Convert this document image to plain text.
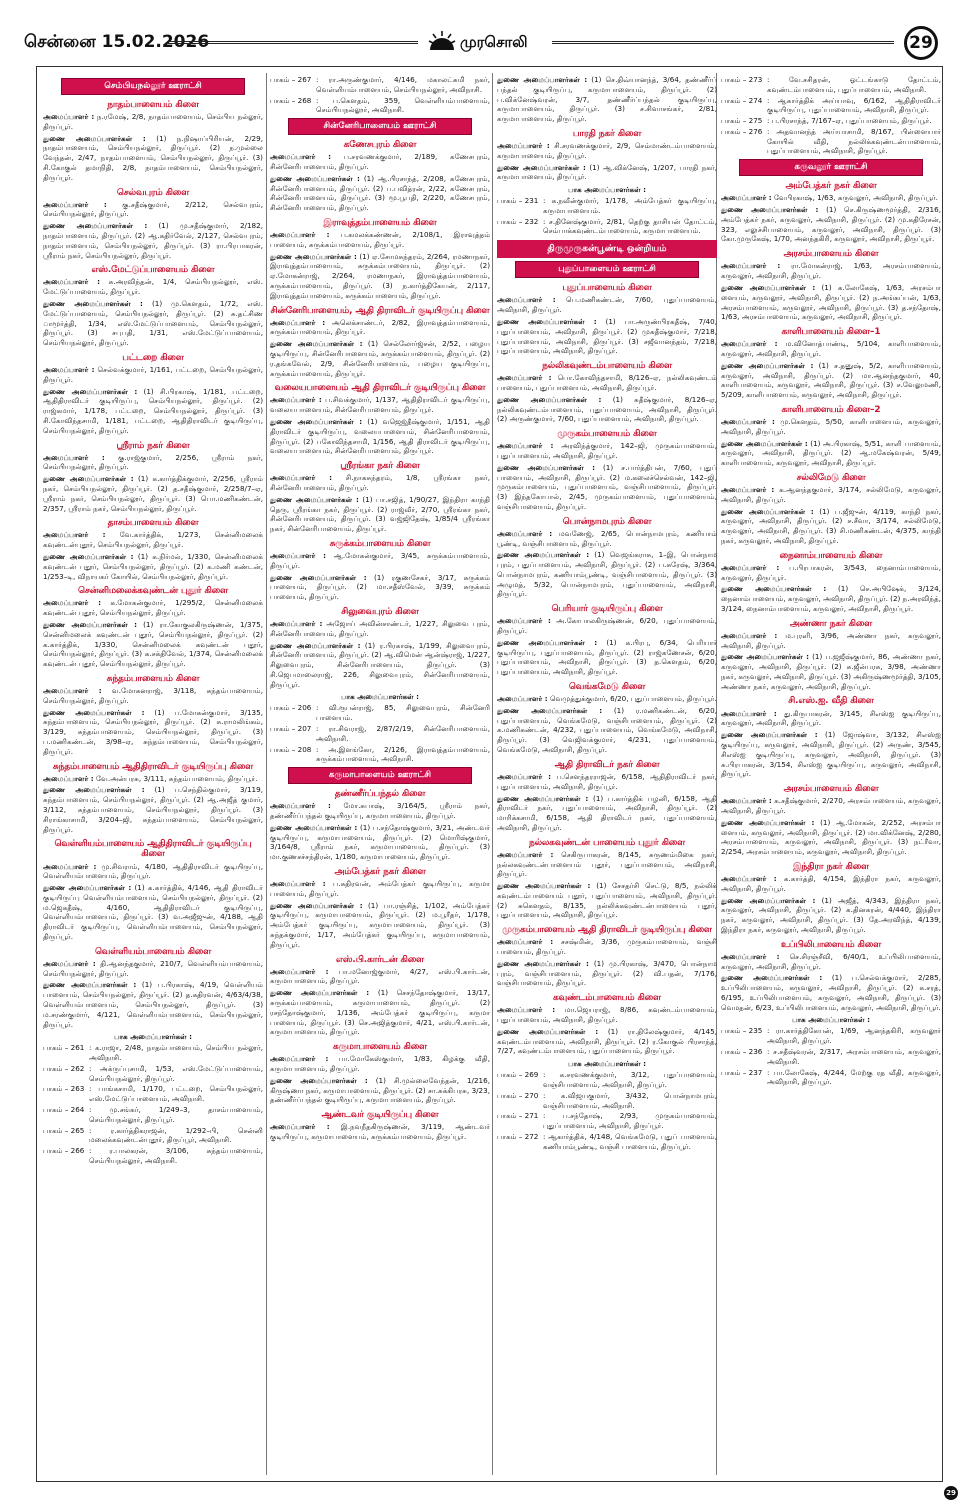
சென்னை 15.02.2026	முரசொலி	29
செம்பியநல்லூர் ஊராட்சி
நாதம்பாளையம் கிளை
அமைப்பாளர் : ந.ரமேஷ், 2/8, நாதம்பாளையம், செம்பிய நல்லூர், திருப்பூர்.
துணை அமைப்பாளர்கள் : (1) ந.நிஷாப்பிரியன், 2/29, நாதம்பாளையம், செம்பியநல்லூர், திருப்பூர். (2) ந.முல்லை வேந்தன், 2/47, நாதம்பாளையம், செம்பியநல்லூர், திருப்பூர். (3) சி.கோகுல் தமாநிதி, 2/8, நாதம்பாளையம், செம்பியநல்லூர், திருப்பூர்.
செல்வபுரம் கிளை
அமைப்பாளர் : கு.சதீஷ்குமார், 2/212, செல்வபுரம், செம்பியநல்லூர், திருப்பூர்.
துணை அமைப்பாளர்கள் : (1) மு.சதீஷ்குமார், 2/182, நாதம்பாளையம், திருப்பூர். (2) ஆ.கதிர்வேல், 2/127, செல்வபுரம், நாதம்பாளையம், செம்பியநல்லூர், திருப்பூர். (3) ரா.பிரபாகரன், ஸ்ரீராம் நகர், செம்பியநல்லூர், திருப்பூர்.
எஸ்.மேட்டுப்பாளையம் கிளை
அமைப்பாளர் : சு.அரவிந்தன், 1/4, செம்பியநல்லூர், எஸ். மேட்டுப்பாளையம், திருப்பூர்.
துணை அமைப்பாளர்கள் : (1) மு.கௌதம், 1/72, எஸ். மேட்டுப்பாளையம், செம்பியநல்லூர், திருப்பூர். (2) சு.தட்சிண ாமூர்த்தி, 1/34, எஸ்.மேட்டுப்பாளையம், செம்பியநல்லூர், திருப்பூர். (3) சபுபதி, 1/31, எஸ்.மேட்டுப்பாளையம், செம்பியநல்லூர், திருப்பூர்.
பட்டறை கிளை
அமைப்பாளர் : செல்வக்குமார், 1/161, பட்டறை, செம்பியநல்லூர், திருப்பூர்.
துணை அமைப்பாளர்கள் : (1) சி.பிரகாஷ், 1/181, பட்டறை, ஆதிதிராவிடர் குடியிருப்பு, செம்பியநல்லூர், திருப்பூர். (2) ராஜ்கமார், 1/178, பட்டறை, செம்பியநல்லூர், திருப்பூர். (3) சி.கோவிந்தசாமி, 1/181, பட்டறை, ஆதிதிராவிடர் குடியிருப்பு, செம்பியநல்லூர், திருப்பூர்.
ஸ்ரீராம் நகர் கிளை
அமைப்பாளர் : கு.ராஜ்குமார், 2/256, ஸ்ரீராம் நகர், செம்பியநல்லூர், திருப்பூர்.
துணை அமைப்பாளர்கள் : (1) க.கார்த்திக்குமார், 2/256, ஸ்ரீராம் நகர், செம்பியநல்லூர், திருப்பூர். (2) த.சதீஷ்குமார், 2/258/7–ஏ, ஸ்ரீராம் நகர், செம்பியநல்லூர், திருப்பூர். (3) பொ.மணிகண்டன், 2/357, ஸ்ரீராம் நகர், செம்பியநல்லூர், திருப்பூர்.
தாசம்பாளையம் கிளை
அமைப்பாளர் : வே.கார்த்திக், 1/273, சென்னிமலைக் கவுண்டன்புதூர், செம்பியநல்லூர், திருப்பூர்.
துணை அமைப்பாளர்கள் : (1) க.நிர்மல், 1/330, சென்னிமலைக் கவுண்டன் புதூர், செம்பியநல்லூர், திருப்பூர். (2) க.மணி கண்டன், 1/253–டி, விநாயகர் கோயில், செம்பியநல்லூர், திருப்பூர்.
சென்னிமலைக்கவுண்டன் புதூர் கிளை
அமைப்பாளர் : க.மோகன்குமார், 1/295/2, சென்னிமலைக் கவுண்டன் புதூர், செம்பியநல்லூர், திருப்பூர்.
துணை அமைப்பாளர்கள் : (1) ரா.கோகுலகிருஷ்ணன், 1/375, சென்னிமலைக் கவுண்டன் புதூர், செம்பியநல்லூர், திருப்பூர். (2) க.கார்த்திக், 1/330, சென்னிமலைக் கவுண்டன் புதூர், செம்பியநல்லூர், திருப்பூர். (3) க.சக்திவேல், 1/374, சென்னிமலைக் கவுண்டன் புதூர், செம்பியநல்லூர், திருப்பூர்.
சுந்தம்பாளையம் கிளை
அமைப்பாளர் : வ.மோகனராஜ், 3/118, சுந்தம்பாளையம், செம்பியநல்லூர், திருப்பூர்.
துணை அமைப்பாளர்கள் : (1) ப.மோகன்குமார், 3/135, சுந்தம்பாளையம், செம்பியநல்லூர், திருப்பூர். (2) சு.ராமலிங்கம், 3/129, சுந்தம்பாளையம், செம்பியநல்லூர், திருப்பூர். (3) ப.மணிகண்டன், 3/98–ஏ, சுந்தம்பாளையம், செம்பியநல்லூர், திருப்பூர்.
சுந்தம்பாளையம் ஆதிதிராவிடர் குடியிருப்பு கிளை
அமைப்பாளர் : வே.அன்பரசு, 3/111, சுந்தம்பாளையம், திருப்பூர்.
துணை அமைப்பாளர்கள் : (1) ப.செந்தில்குமார், 3/119, சுந்தம்பாளையம், செம்பியநல்லூர், திருப்பூர். (2) ஆ.அஜீத் குமார், 3/112, சுந்தம்பாளையம், செம்பியநல்லூர், திருப்பூர். (3) சிராங்காசாமி, 3/204–ஜி, சுந்தம்பாளையம், செம்பியநல்லூர், திருப்பூர்.
வெள்ளியம்பாளையம் ஆதிதிராவிடர் குடியிருப்பு கிளை
அமைப்பாளர் : மு.சிவராம், 4/180, ஆதிதிராவிடர் குடியிருப்பு, வெள்ளியம்பாளையம், திருப்பூர்.
துணை அமைப்பாளர்கள் : (1) க.கார்த்திக், 4/146, ஆதி திராவிடர் குடியிருப்பு வெள்ளியம்பாளையம், செம்பியநல்லூர், திருப்பூர். (2) ம.ஜெகதீஷ், 4/160, ஆதிதிராவிடர் குடியிருப்பு, வெள்ளியம்பாளையம், திருப்பூர். (3) வ.அஜீஜுன், 4/188, ஆதி திராவிடர் குடியிருப்பு, வெள்ளியம்பாளையம், செம்பியநல்லூர், திருப்பூர்.
வெள்ளியம்பாளையம் கிளை
அமைப்பாளர் : தி.ஆனந்தகுமார், 210/7, வெள்ளியம்பாளையம், செம்பியநல்லூர், திருப்பூர்.
துணை அமைப்பாளர்கள் : (1) ப.பிரகாஷ், 4/19, வெள்ளியம் பாளையம், செம்பியநல்லூர், திருப்பூர். (2) த.கதிரவன், 4/63/4/38, வெள்ளியம்பாளையம், செம்பியநல்லூர், திருப்பூர். (3) ம.சரண்குமார், 4/121, வெள்ளியம்பாளையம், செம்பியநல்லூர், திருப்பூர்.
பாக அமைப்பாளர்கள் :
பாகம் – 261 : க.ராஜா, 2/48, நாதம்பாளையம், செம்பிய நல்லூர், அவிநாசி.
பாகம் – 262 : அக்ருப்புசாமி, 1/53, எஸ்.மேட்டுப்பாளையம், செம்பியநல்லூர், திருப்பூர்.
பாகம் – 263 : பாங்கசாமி, 1/170, பட்டறை, செம்பியநல்லூர், எஸ்.மேட்டுப்பாளையம், அவிநாசி.
பாகம் – 264 : மு.சங்கர், 1/249–3, தாசம்பாளையம், செம்பியநல்லூர், திருப்பூர்.
பாகம் – 265 : ர.கார்த்திகராஜன், 1/292–பி, சென்னி மலைக்கவுண்டன்புதூர், திருப்பூர், அவிநாசி.
பாகம் – 266 : ர.பாலகரன், 3/106, சுந்தம்பாளையம், செம்பியநல்லூர், அவிநாசி.
பாகம் – 267 : ரா.அருண்குமார், 4/146, மகாலட்சுமி நகர், வெள்ளியம்பாளையம், செம்பியநல்லூர், அவிநாசி.
பாகம் – 268 : ப.கௌதம், 359, வெள்ளியம்பாளையம், செம்பியநல்லூர், அவிநாசி.
சின்னேரிபாளையம் ஊராட்சி
கணேசபுரம் கிளை
அமைப்பாளர் : ப.சரவணக்குமார், 2/189, கணேசபுரம், சின்னேரிபாளையம், திருப்பூர்.
துணை அமைப்பாளர்கள் : (1) ஆ.பிரசாந்த், 2/208, கணேசபுரம், சின்னேரிபாளையம், திருப்பூர். (2) ப.பவித்ரன், 2/22, கணேசபுரம், சின்னேரிபாளையம், திருப்பூர். (3) மூ.பூபதி, 2/220, கணேசபுரம், சின்னேரிபாளையம், திருப்பூர்.
இராவுத்தம்பாளையம் கிளை
அமைப்பாளர் : ப.கமலக்கண்ணன், 2/108/1, இராவுத்தம் பாளையம், சுருக்கம்பாளையம், திருப்பூர்.
துணை அமைப்பாளர்கள் : (1) ஏ.சோமசுந்தரம், 2/264, ரமணாநகர், இராவுத்தம்பாளையம், சுருக்கம்பாளையம், திருப்பூர். (2) ஏ.மோகன்ராஜ், 2/264, ரமணாநகர், இராவுத்தம்பாளையம், சுருக்கம்பாளையம், திருப்பூர். (3) ந.கார்த்திகேயன், 2/117, இராவுத்தம்பாளையம், சுருக்கம்பாளையம், திருப்பூர்.
சின்னேரிபாளையம், ஆதி திராவிடர் குடியிருப்பு கிளை
அமைப்பாளர் : அலெக்சாண்டர், 2/82, இராவுத்தம்பாளையம், சுருக்கம்பாளையம், திருப்பூர்.
துணை அமைப்பாளர்கள் : (1) செல்லோர்ஜ்சன், 2/52, பழைய குடியிருப்பு, சின்னேரிபாளையம், சுருக்கம்பாளையம், திருப்பூர். (2) ர.தங்கவேல், 2/9, சின்னேரிபாளையம், பழைய குடியிருப்பு, சுருக்கம்பாளையம், திருப்பூர்.
வலையபாளையம் ஆதி திராவிடர் குடியிருப்பு கிளை
அமைப்பாளர் : ப.சிவக்குமார், 1/137, ஆதிதிராவிடர் குடியிருப்பு, வலையபாளையம், சின்னேரிபாளையம், திருப்பூர்.
துணை அமைப்பாளர்கள் : (1) வஜெஜ்தீஷ்குமார், 1/151, ஆதி திராவிடர் குடியிருப்பு, வலையபாளையம், சின்னேரிபாளையம், திருப்பூர். (2) பகோவிந்தசாமி, 1/156, ஆதி திராவிடர் குடியிருப்பு, வலையபாளையம், சின்னேரிபாளையம், திருப்பூர்.
ஸ்ரீரங்கா நகர் கிளை
அமைப்பாளர் : சி.நாகசுந்தரம், 1/8, ஸ்ரீரங்கா நகர், சின்னேரிபாளையம், திருப்பூர்.
துணை அமைப்பாளர்கள் : (1) பா.சஜித், 1/90/27, இந்திரா காந்தி தெரு, ஸ்ரீரங்கா நகர், திருப்பூர். (2) ராஜ்வீர், 2/70, ஸ்ரீரங்கா நகர், சின்னேரிபாளையம், திருப்பூர். (3) வஜ்ஜிதேஷ், 1/85/4 ஸ்ரீரங்கா நகர், சின்னேரிபாளையம், திருப்பூர்.
சுருக்கம்பாளையம் கிளை
அமைப்பாளர் : ஆ.மோகன்குமார், 3/45, சுருக்கம்பாளையம், திருப்பூர்.
துணை அமைப்பாளர்கள் : (1) ரகுணசேகர், 3/17, சுருக்கம் பாளையம், திருப்பூர். (2) மா.சதீஸ்வேல், 3/39, சுருக்கம் பாளையம், திருப்பூர்.
சிலுவைபுரம் கிளை
அமைப்பாளர் : அஜோய் அவின்சாண்டர், 1/227, சிலுவை புரம், சின்னேரிபாளையம், திருப்பூர்.
துணை அமைப்பாளர்கள் : (1) ர.பிரகாஷ், 1/199, சிலுவைபுரம், சின்னேரிபாளையம், திருப்பூர். (2) ஆ.விமென் ஆன்ஷ்ராஜ், 1/227, சிலுவைபுரம், சின்னேரிபாளையம், திருப்பூர். (3) சி.ஜெபமாலைராஜ், 226, சிலுவைபுரம், சின்னேரிபாளையம், திருப்பூர்.
பாக அமைப்பாளர்கள் :
பாகம் – 206 : வி.ரூபன்ராஜ், 85, சிலுவைபுரம், சின்னேரி பாளையம்.
பாகம் – 207 : ரா.சிவராஜ், 2/87/2/19, சின்னேரிபாளையம், அவிநாசி.
பாகம் – 208 : அ.இளங்கோ, 2/126, இராவுத்தம்பாளையம், சுருக்கம்பாளையம், அவிநாசி.
கருமாபாளையம் ஊராட்சி
தண்ணீர்ப்பந்தல் கிளை
அமைப்பாளர் : மோ.சுபாஷ், 3/164/5, ஸ்ரீராம் நகர், தண்ணீர்ப்பந்தல் குடியிருப்பு, கருமாபாளையம், திருப்பூர்.
துணை அமைப்பாளர்கள் : (1) ப.சந்தோஷ்குமார், 3/21, அண்டவர் குடியிருப்பு, கருமாபாளையம், திருப்பூர். (2) மொரிஷ்குமார், 3/164/8, ஸ்ரீராம் நகர், கருமாபாளையம், திருப்பூர். (3) மா.குணசச்சந்திரன், 1/180, கருமாபாளையம், திருப்பூர்.
அம்பேத்கர் நகர் கிளை
அமைப்பாளர் : ப.சுதிரவன், அம்பேத்கர் குடியிருப்பு, கருமா பாளையம், திருப்பூர்.
துணை அமைப்பாளர்கள் : (1) பா.ரஞ்சித், 1/102, அம்பேத்கர் குடியிருப்பு, கருமாபாளையம், திருப்பூர். (2) ம.பூரீதர், 1/178, அம்பேத்கர் குடியிருப்பு, கருமாபாளையம், திருப்பூர். (3) சுந்தக்குமார், 1/17, அம்பேத்கர் குடியிருப்பு, கருமாபாளையம், திருப்பூர்.
எஸ்.பி.கார்டன் கிளை
அமைப்பாளர் : பா.மனோஜ்குமார், 4/27, எஸ்.பி.கார்டன், கருமாபாளையம், திருப்பூர்.
துணை அமைப்பாளர்கள் : (1) செசந்தோஷ்குமார், 13/17, சுருக்கம்பாளையம், கருமாபாளையம், திருப்பூர். (2) ரசந்தோஷ்குமார், 1/136, அம்பேத்கர் குடியிருப்பு, கருமா பாளையம், திருப்பூர். (3) செ.அஜித்குமார், 4/21, எஸ்.பி.கார்டன், கருமாபாளையம், திருப்பூர்.
கருமாபாளையம் கிளை
அமைப்பாளர் : பா.மோகேஸ்குமார், 1/83, கிழக்கு வீதி, கருமாபாளையம், திருப்பூர்.
துணை அமைப்பாளர்கள் : (1) சி.முல்லைவேந்தன், 1/216, கிருஷ்ணா நகர், கருமாபாளையம், திருப்பூர். (2) சா.சுக்கிபரசு, 3/23, தண்ணீர்ப்பந்தல் குடியிருப்பு, கருமாபாளையம், திருப்பூர்.
ஆண்டவர் குடியிருப்பு கிளை
அமைப்பாளர் : இ.நவநீதகிருஷ்ணன், 3/119, ஆண்டவர் குடியிருப்பு, கருமாபாளையம், சுருக்கம்பாளையம், திருப்பூர்.
துணை அமைப்பாளர்கள் : (1) செ.திவ்யானந்த், 3/64, தண்ணீர்ப் பந்தல் குடியிருப்பு, கருமாபாளையம், திருப்பூர். (2) ப.விக்னேஷ்வரன், 3/7, தண்ணீர்ப்பந்தல் குடியிருப்பு, கருமாபாளையம், திருப்பூர். (3) ச.சிவாசங்கர், 2/81, கருமாபாளையம், திருப்பூர்.
பாரதி நகர் கிளை
அமைப்பாளர் : சி.சரவணக்குமார், 2/9, செம்மாண்டம்பாளையம், கருமாபாளையம், திருப்பூர்.
துணை அமைப்பாளர்கள் : (1) ஆ.விக்னேஷ், 1/207, பாரதி நகர், கருமாபாளையம், திருப்பூர்.
பாக அமைப்பாளர்கள் :
பாகம் – 231 : க.நவீன்குமார், 1/178, அம்பேத்கர் குடியிருப்பு, கருமாபாளையம்.
பாகம் – 232 : ச.தினேஷ்குமார், 2/81, தெற்கு தாசியன் தோட்டம், செம்பாக்கவுண்டம்பாளையம், கருமாபாளையம்.
திருமுருகன்பூண்டி ஒன்றியம்
புதுப்பாளையம் ஊராட்சி
புதுப்பாளையம் கிளை
அமைப்பாளர் : பெ.மணிகண்டன், 7/60, புதுப்பாளையம், அவிநாசி, திருப்பூர்.
துணை அமைப்பாளர்கள் : (1) பா.அருண்பிரகதீஷ், 7/40, புதுப்பாளையம், அவிநாசி, திருப்பூர். (2) முகதீஷ்குமார், 7/218, புதுப்பாளையம், அவிநாசி, திருப்பூர். (3) சஜீவானந்தம், 7/218, புதுப்பாளையம், அவிநாசி, திருப்பூர்.
நல்லிகவுண்டம்பாளையம் கிளை
அமைப்பாளர் : பொ.கோவிந்தசாமி, 8/126–ஏ, நல்லிகவுண்டம் பாளையம், புதுப்பாளையம், அவிநாசி, திருப்பூர்.
துணை அமைப்பாளர்கள் : (1) சுதீஷ்குமார், 8/126–ஏ, நல்லிகவுண்டம்பாளையம், புதுப்பாளையம், அவிநாசி, திருப்பூர். (2) அருண்குமார், 7/60, புதுப்பாளையம், அவிநாசி, திருப்பூர்.
முருகம்பாளையம் கிளை
அமைப்பாளர் : அரவிந்த்குமார், 142–ஜி, முருகம்பாளையம், புதுப்பாளையம், அவிநாசி, திருப்பூர்.
துணை அமைப்பாளர்கள் : (1) ச.பார்த்திபன், 7/60, புதுப் பாளையம், அவிநாசி, திருப்பூர். (2) ம.கலைச்செல்வன், 142–ஜி, முருகம்பாளையம், புதுப்பாளையம், வஞ்சிபாளையம், திருப்பூர். (3) இந்தகோபால், 2/45, முருகம்பாளையம், புதுப்பாளையம், வஞ்சிபாளையம், திருப்பூர்.
பொன்நாமபுரம் கிளை
அமைப்பாளர் : மவணேஜ், 2/65, பொன்நாமபுரம், கணியாம் பூண்டி, வஞ்சிபாளையம், திருப்பூர்.
துணை அமைப்பாளர்கள் : (1) வெஜங்கராசு, 1–இ, பொன்நாம புரம், புதுப்பாளையம், அவிநாசி, திருப்பூர். (2) ப.சுரேஷ், 3/364, பொன்நாமபுரம், கணியாம்பூண்டி, வஞ்சிபாளையம், திருப்பூர். (3) அழுமத், 5/32, பொன்நாமபுரம், புதுப்பாளையம், அவிநாசி, திருப்பூர்.
பெரியார் குடியிருப்பு கிளை
அமைப்பாளர் : அ.கோபாலகிருஷ்ணன், 6/20, புதுப்பாளையம், திருப்பூர்.
துணை அமைப்பாளர்கள் : (1) க.பிரபு, 6/34, பெரியார் குடியிருப்பு, புதுப்பாளையம், திருப்பூர். (2) ராஜ்கணேசன், 6/20, புதுப்பாளையம், அவிநாசி, திருப்பூர். (3) த.கௌதம், 6/20, புதுப்பாளையம், அவிநாசி, திருப்பூர்.
வெங்கமேடு கிளை
அமைப்பாளர் : வெமுத்துக்குமார், 6/20, புதுப்பாளையம், திருப்பூர்.
துணை அமைப்பாளர்கள் : (1) ர.மணிகண்டன், 6/20, புதுப்பாளையம், வெங்கமேடு, வஞ்சிபாளையம், திருப்பூர். (2) க.மணிகண்டன், 4/232, புதுப்பாளையம், வெங்கமேடு, அவிநாசி, திருப்பூர். (3) வெஜிவக்குமார், 4/231, புதுப்பாளையம், வெங்கமேடு, அவிநாசி, திருப்பூர்.
ஆதி திராவிடர் நகர் கிளை
அமைப்பாளர் : ப.சௌந்தரராஜன், 6/158, ஆதிதிராவிடர் நகர், புதுப்பாளையம், அவிநாசி, திருப்பூர்.
துணை அமைப்பாளர்கள் : (1) ப.கார்த்திக் பழனி, 6/158, ஆதி திராவிடர் நகர், புதுப்பாளையம், அவிநாசி, திருப்பூர். (2) மாரிக்கசாமி, 6/158, ஆதி திராவிடர் நகர், புதுப்பாளையம், அவிநாசி, திருப்பூர்.
நல்லகவுண்டன் பாளையம் புதூர் கிளை
அமைப்பாளர் : செகிருபாகரன், 8/145, சுருணம்மிகை நகர், நல்லகவுண்டன்பாளையம் புதூர், புதுப்பாளையம், அவிநாசி, திருப்பூர்.
துணை அமைப்பாளர்கள் : (1) சேசதர்சி செட்டு, 8/5, நல்லிக் கவுண்டம்பாளையம் புதூர், புதுப்பாளையம், அவிநாசி, திருப்பூர். (2) சுகௌதம், 8/135, நல்லிக்கவுண்டன்பாளையம் புதூர், புதுப்பாளையம், அவிநாசி, திருப்பூர்.
முருகம்பாளையம் ஆதி திராவிடர் குடியிருப்பு கிளை
அமைப்பாளர் : சசஷ்மின், 3/36, முருகம்பாளையம், வஞ்சி பாளையம், திருப்பூர்.
துணை அமைப்பாளர்கள் : (1) மு.பிரகாஷ், 3/470, பொன்நாம புரம், வஞ்சிபாளையம், திருப்பூர். (2) வி.பதன், 7/176, வஞ்சிபாளையம், திருப்பூர்.
கவுண்டம்பாளையம் கிளை
அமைப்பாளர் : மா.ஜெயராஜ், 8/86, கவுண்டம்பாளையம், புதுப்பாளையம், அவிநாசி, திருப்பூர்.
துணை அமைப்பாளர்கள் : (1) ரா.திலேஷ்குமார், 4/145, கவுண்டம்பாளையம், அவிநாசி, திருப்பூர். (2) ர.கோகுல் பிரசாந்த், 7/27, கவுண்டம்பாளையம், புதுப்பாளையம், திருப்பூர்.
பாக அமைப்பாளர்கள் :
பாகம் – 269 : க.சரவணக்குமார், 3/12, புதுப்பாளையம், வஞ்சிபாளையம், அவிநாசி, திருப்பூர்.
பாகம் – 270 : க.விஜயகுமார், 3/432, பொன்நாமபுரம், வஞ்சிபாளையம், அவிநாசி.
பாகம் – 271 : ப.சந்தோஷ், 2/93, முருகம்பாளையம், புதுப்பாளையம், அவிநாசி, திருப்பூர்.
பாகம் – 272 : ஆகார்த்திக், 4/148, வெங்கமேடு, புதுப் பாளையம், கணியாம்பூண்டி, வஞ்சி பாளையம், திருப்பூர்.
பாகம் – 273 : வே.சசிதரன், ஓட்டங்காடு தோட்டம், கவுண்டம்பாளையம், புதுப்பாளையம், அவிநாசி.
பாகம் – 274 : ஆகார்த்திக் அய்யாவு, 6/162, ஆதிதிராவிடர் குடியிருப்பு, புதுப்பாளையம், அவிநாசி, திருப்பூர்.
பாகம் – 275 : ப.பிரசாந்த், 7/167–ஏ, புதுப்பாளையம், திருப்பூர்.
பாகம் – 276 : அதவானந்த் அய்யாசாமி, 8/167, பிள்ளையார் கோயில் வீதி, நல்லிக்கவுண்டன்பாளையம், புதுப்பாளையம், அவிநாசி, திருப்பூர்.
கருவலூர் ஊராட்சி
அம்பேத்கர் நகர் கிளை
அமைப்பாளர் : வேபிரகாஷ், 1/63, கருவலூர், அவிநாசி, திருப்பூர்.
துணை அமைப்பாளர்கள் : (1) செ.கிருஷ்ணமூர்த்தி, 2/316, அம்பேத்கர் நகர், கருவலூர், அவிநாசி, திருப்பூர். (2) மு.கதிரேசன், 323, எலுச்சிபாளையம், கருவலூர், அவிநாசி, திருப்பூர். (3) கோ.முருகேஷ், 1/70, அனந்தகிரி, கருவலூர், அவிநாசி, திருப்பூர்.
அரசம்பாளையம் கிளை
அமைப்பாளர் : ரா.மோகன்ராஜ், 1/63, அரசம்பாளையம், கருவலூர், அவிநாசி, திருப்பூர்.
துணை அமைப்பாளர்கள் : (1) க.லோகேஷ், 1/63, அரசம்பா ளையம், கருவலூர், அவிநாசி, திருப்பூர். (2) ந.அங்கப்பன், 1/63, அரசம்பாளையம், கருவலூர், அவிநாசி, திருப்பூர். (3) த.சந்தோஷ், 1/63, அரசம்பாளையம், கருவலூர், அவிநாசி, திருப்பூர்.
காளிபாளையம் கிளை–1
அமைப்பாளர் : ம.வினோத்பாண்டி, 5/104, காளிபாளையம், கருவலூர், அவிநாசி, திருப்பூர்.
துணை அமைப்பாளர்கள் : (1) ச.தனுஷ், 5/2, காளிபாளையம், கருவலூர், அவிநாசி, திருப்பூர். (2) மா.ஆனந்தகுமார், 40, காளிபாளையம், கருவலூர், அவிநாசி, திருப்பூர். (3) ச.வேலுமணி, 5/209, காளிபாளையம், கருவலூர், அவிநாசி, திருப்பூர்.
காளிபாளையம் கிளை–2
அமைப்பாளர் : மு.கௌதம், 5/50, காளிபாளையம், கருவலூர், அவிநாசி, திருப்பூர்.
துணை அமைப்பாளர்கள் : (1) அ.பிரகாஷ், 5/51, காளி பாளையம், கருவலூர், அவிநாசி, திருப்பூர். (2) ஆ.மகேஷ்வரன், 5/49, காளிபாளையம், கருவலூர், அவிநாசி, திருப்பூர்.
சல்லிமேடு கிளை
அமைப்பாளர் : க.ஆனந்தகுமார், 3/174, சல்லிமேடு, கருவலூர், அவிநாசி, திருப்பூர்.
துணை அமைப்பாளர்கள் : (1) ப.ஜீஜுன், 4/119, காந்தி நகர், கருவலூர், அவிநாசி, திருப்பூர். (2) ச.சீவா, 3/174, சல்லிமேடு, கருவலூர், அவிநாசி, திருப்பூர். (3) சி.மணிகண்டன், 4/375, காந்தி நகர், கருவலூர், அவிநாசி, திருப்பூர்.
நைனாம்பாளையம் கிளை
அமைப்பாளர் : ப.பிரபாகரன், 3/543, நைனாம்பாளையம், கருவலூர், திருப்பூர்.
துணை அமைப்பாளர்கள் : (1) செ.அபிஷேக், 3/124, நைனாம்பாளையம், கருவலூர், அவிநாசி, திருப்பூர். (2) ந.அரவிந்த், 3/124, நைனாம்பாளையம், கருவலூர், அவிநாசி, திருப்பூர்.
அண்ணா நகர் கிளை
அமைப்பாளர் : ம.புரளி, 3/96, அண்ணா நகர், கருவலூர், அவிநாசி, திருப்பூர்.
துணை அமைப்பாளர்கள் : (1) ப.ஜஜீஷ்குமார், 86, அண்ணா நகர், கருவலூர், அவிநாசி, திருப்பூர். (2) சு.ஜீன்பரசு, 3/98, அண்ணா நகர், கருவலூர், அவிநாசி, திருப்பூர். (3) அகிருஷ்ணமூர்த்தி, 3/105, அண்ணா நகர், கருவலூர், அவிநாசி, திருப்பூர்.
சி.எஸ்.ஐ. வீதி கிளை
அமைப்பாளர் : து.கிருபாகரன், 3/145, சிஎஸ்ஐ குடியிருப்பு, கருவலூர், அவிநாசி, திருப்பூர்.
துணை அமைப்பாளர்கள் : (1) ஜோஷ்வா, 3/132, சிஎஸ்ஐ குடியிருப்பு, கருவலூர், அவிநாசி, திருப்பூர். (2) அருண், 3/545, சிஎஸ்ஐ குடியிருப்பு, கருவலூர், அவிநாசி, திருப்பூர். (3) சு.பிரபாகரன், 3/154, சிஎஸ்ஐ குடியிருப்பு, கருவலூர், அவிநாசி, திருப்பூர்.
அரசம்பாளையம் கிளை
அமைப்பாளர் : க.சதீஷ்குமார், 2/270, அரசம்பாளையம், கருவலூர், அவிநாசி, திருப்பூர்.
துணை அமைப்பாளர்கள் : (1) ஆ.மோகன், 2/252, அரசம்பா ளையம், கருவலூர், அவிநாசி, திருப்பூர். (2) மா.விக்னேஷ், 2/280, அரசம்பாளையம், கருவலூர், அவிநாசி, திருப்பூர். (3) நட்ரீவா, 2/254, அரசம்பாளையம், கருவலூர், அவிநாசி, திருப்பூர்.
இந்திரா நகர் கிளை
அமைப்பாளர் : க.கார்த்தி, 4/154, இந்திரா நகர், கருவலூர், அவிநாசி, திருப்பூர்.
துணை அமைப்பாளர்கள் : (1) அஜீத், 4/343, இந்திரா நகர், கருவலூர், அவிநாசி, திருப்பூர். (2) க.தினகரன், 4/440, இந்திரா நகர், கருவலூர், அவிநாசி, திருப்பூர். (3) தே.அரவிந்த், 4/139, இந்திரா நகர், கருவலூர், அவிநாசி, திருப்பூர்.
உப்பிலிபாளையம் கிளை
அமைப்பாளர் : செ.சிரஞ்சீவி, 6/40/1, உப்பிலிபாளையம், கருவலூர், அவிநாசி, திருப்பூர்.
துணை அமைப்பாளர்கள் : (1) ப.செல்வக்குமார், 2/285, உப்பிலிபாளையம், கருவலூர், அவிநாசி, திருப்பூர். (2) க.சரத், 6/195, உப்பிலிபாளையம், கருவலூர், அவிநாசி, திருப்பூர். (3) வெமதன், 6/23, உப்பிலிபாளையம், கருவலூர், அவிநாசி, திருப்பூர்.
பாக அமைப்பாளர்கள் :
பாகம் – 235 : ரா.கார்த்திகேயன், 1/69, ஆனந்தகிரி, கருவலூர் அவிநாசி, திருப்பூர்.
பாகம் – 236 : ச.சதீஷ்வரன், 2/317, அரசம்பாளையம், கருவலூர், அவிநாசி.
பாகம் – 237 : பா.லோகேஷ், 4/244, மேற்கு ரத வீதி, கருவலூர், அவிநாசி, திருப்பூர்.
29
